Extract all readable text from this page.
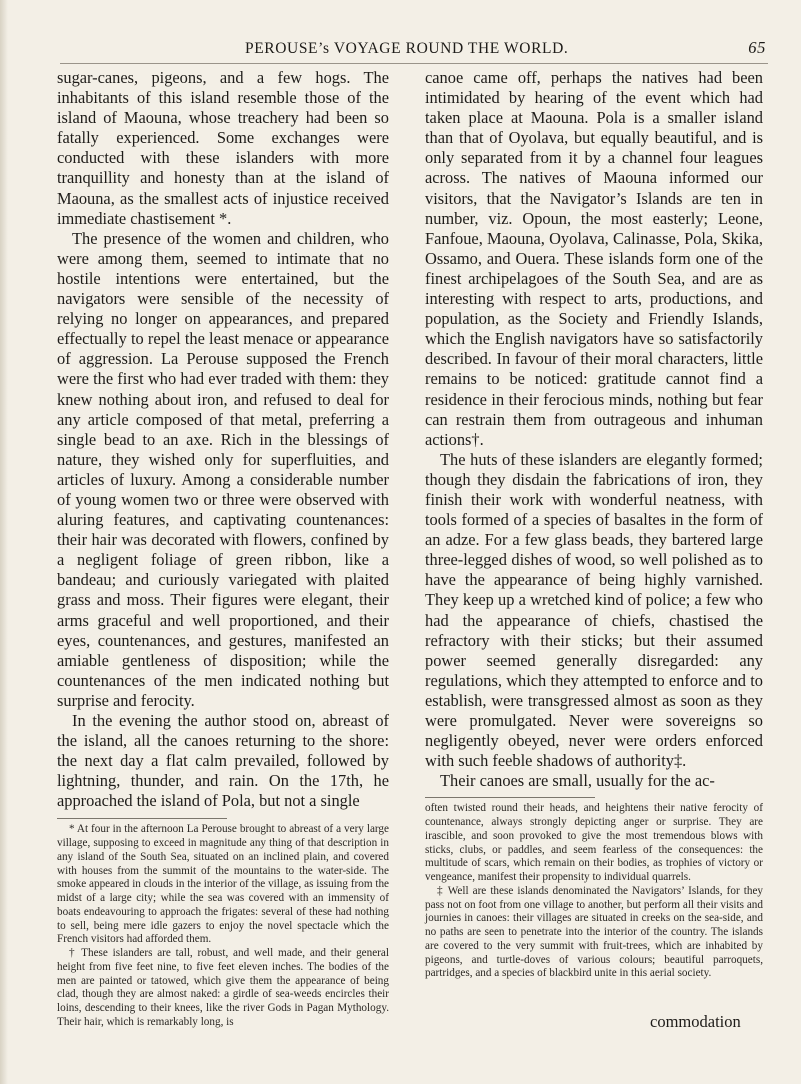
PEROUSE’s VOYAGE ROUND THE WORLD.	65

sugar-canes, pigeons, and a few hogs. The inhabitants of this island resemble those of the island of Maouna, whose treachery had been so fatally experienced. Some exchanges were conducted with these islanders with more tranquillity and honesty than at the island of Maouna, as the smallest acts of injustice received immediate chastisement *.

The presence of the women and children, who were among them, seemed to intimate that no hostile intentions were entertained, but the navigators were sensible of the necessity of relying no longer on appearances, and prepared effectually to repel the least menace or appearance of aggression. La Perouse supposed the French were the first who had ever traded with them: they knew nothing about iron, and refused to deal for any article composed of that metal, preferring a single bead to an axe. Rich in the blessings of nature, they wished only for superfluities, and articles of luxury. Among a considerable number of young women two or three were observed with aluring features, and captivating countenances: their hair was decorated with flowers, confined by a negligent foliage of green ribbon, like a bandeau; and curiously variegated with plaited grass and moss. Their figures were elegant, their arms graceful and well proportioned, and their eyes, countenances, and gestures, manifested an amiable gentleness of disposition; while the countenances of the men indicated nothing but surprise and ferocity.

In the evening the author stood on, abreast of the island, all the canoes returning to the shore: the next day a flat calm prevailed, followed by lightning, thunder, and rain. On the 17th, he approached the island of Pola, but not a single

* At four in the afternoon La Perouse brought to abreast of a very large village, supposing to exceed in magnitude any thing of that description in any island of the South Sea, situated on an inclined plain, and covered with houses from the summit of the mountains to the water-side. The smoke appeared in clouds in the interior of the village, as issuing from the midst of a large city; while the sea was covered with an immensity of boats endeavouring to approach the frigates: several of these had nothing to sell, being mere idle gazers to enjoy the novel spectacle which the French visitors had afforded them.

† These islanders are tall, robust, and well made, and their general height from five feet nine, to five feet eleven inches. The bodies of the men are painted or tatowed, which give them the appearance of being clad, though they are almost naked: a girdle of sea-weeds encircles their loins, descending to their knees, like the river Gods in Pagan Mythology. Their hair, which is remarkably long, is

canoe came off, perhaps the natives had been intimidated by hearing of the event which had taken place at Maouna. Pola is a smaller island than that of Oyolava, but equally beautiful, and is only separated from it by a channel four leagues across. The natives of Maouna informed our visitors, that the Navigator’s Islands are ten in number, viz. Opoun, the most easterly; Leone, Fanfoue, Maouna, Oyolava, Calinasse, Pola, Skika, Ossamo, and Ouera. These islands form one of the finest archipelagoes of the South Sea, and are as interesting with respect to arts, productions, and population, as the Society and Friendly Islands, which the English navigators have so satisfactorily described. In favour of their moral characters, little remains to be noticed: gratitude cannot find a residence in their ferocious minds, nothing but fear can restrain them from outrageous and inhuman actions†.

The huts of these islanders are elegantly formed; though they disdain the fabrications of iron, they finish their work with wonderful neatness, with tools formed of a species of basaltes in the form of an adze. For a few glass beads, they bartered large three-legged dishes of wood, so well polished as to have the appearance of being highly varnished. They keep up a wretched kind of police; a few who had the appearance of chiefs, chastised the refractory with their sticks; but their assumed power seemed generally disregarded: any regulations, which they attempted to enforce and to establish, were transgressed almost as soon as they were promulgated. Never were sovereigns so negligently obeyed, never were orders enforced with such feeble shadows of authority‡.

Their canoes are small, usually for the ac-

often twisted round their heads, and heightens their native ferocity of countenance, always strongly depicting anger or surprise. They are irascible, and soon provoked to give the most tremendous blows with sticks, clubs, or paddles, and seem fearless of the consequences: the multitude of scars, which remain on their bodies, as trophies of victory or vengeance, manifest their propensity to individual quarrels.

‡ Well are these islands denominated the Navigators’ Islands, for they pass not on foot from one village to another, but perform all their visits and journies in canoes: their villages are situated in creeks on the sea-side, and no paths are seen to penetrate into the interior of the country. The islands are covered to the very summit with fruit-trees, which are inhabited by pigeons, and turtle-doves of various colours; beautiful parroquets, partridges, and a species of blackbird unite in this aerial society.

commodation
